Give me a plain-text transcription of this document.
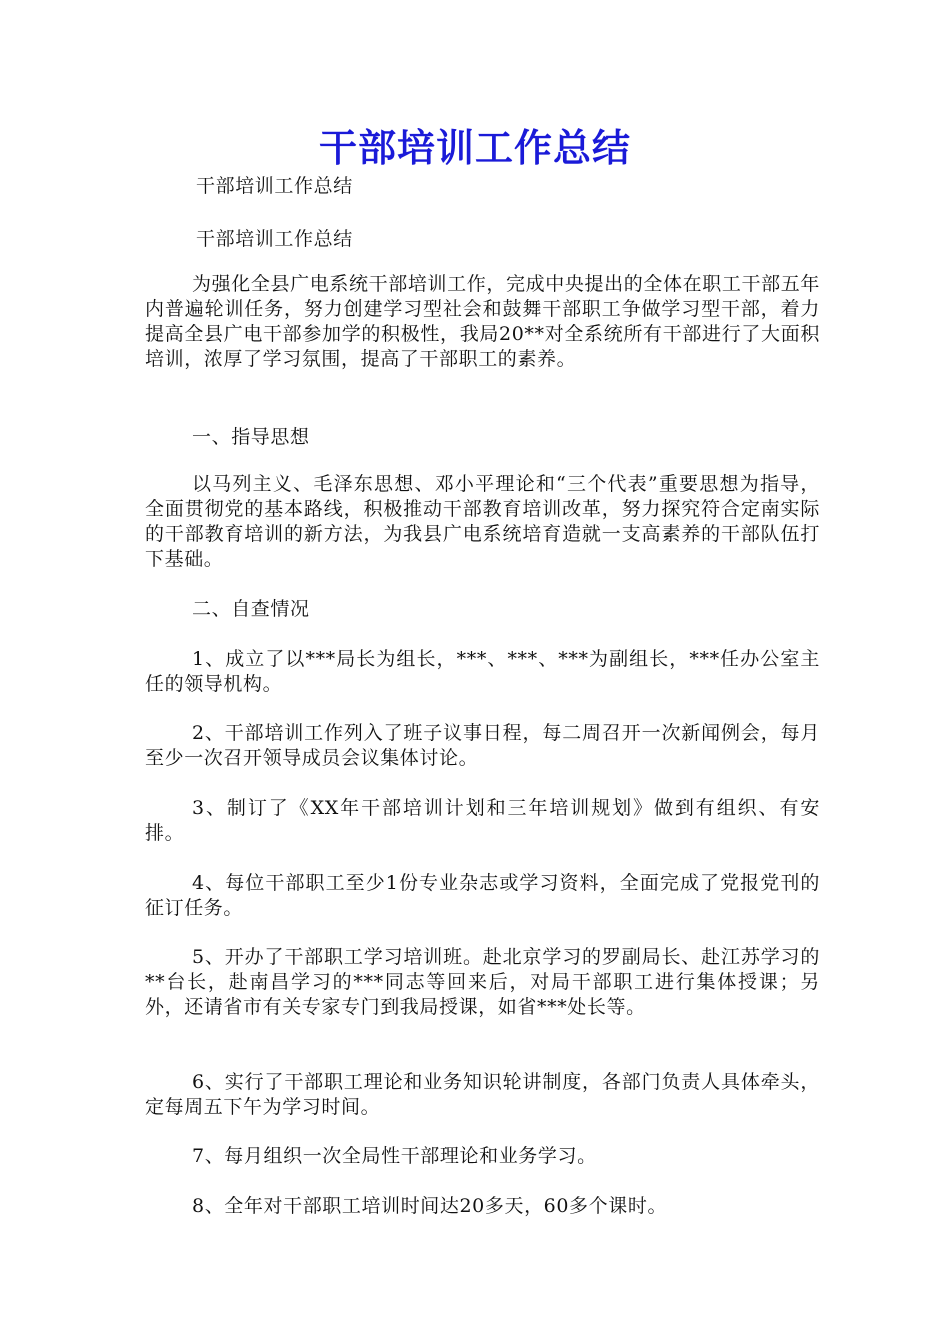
干部培训工作总结
干部培训工作总结
干部培训工作总结
为强化全县广电系统干部培训工作，完成中央提出的全体在职工干部五年内普遍轮训任务，努力创建学习型社会和鼓舞干部职工争做学习型干部，着力提高全县广电干部参加学的积极性，我局20**对全系统所有干部进行了大面积培训，浓厚了学习氛围，提高了干部职工的素养。
一、指导思想
以马列主义、毛泽东思想、邓小平理论和“三个代表”重要思想为指导，全面贯彻党的基本路线，积极推动干部教育培训改革，努力探究符合定南实际的干部教育培训的新方法，为我县广电系统培育造就一支高素养的干部队伍打下基础。
二、自查情况
1、成立了以***局长为组长，***、***、***为副组长，***任办公室主任的领导机构。
2、干部培训工作列入了班子议事日程，每二周召开一次新闻例会，每月至少一次召开领导成员会议集体讨论。
3、制订了《XX年干部培训计划和三年培训规划》做到有组织、有安排。
4、每位干部职工至少1份专业杂志或学习资料，全面完成了党报党刊的征订任务。
5、开办了干部职工学习培训班。赴北京学习的罗副局长、赴江苏学习的**台长，赴南昌学习的***同志等回来后，对局干部职工进行集体授课；另外，还请省市有关专家专门到我局授课，如省***处长等。
6、实行了干部职工理论和业务知识轮讲制度，各部门负责人具体牵头，定每周五下午为学习时间。
7、每月组织一次全局性干部理论和业务学习。
8、全年对干部职工培训时间达20多天，60多个课时。
